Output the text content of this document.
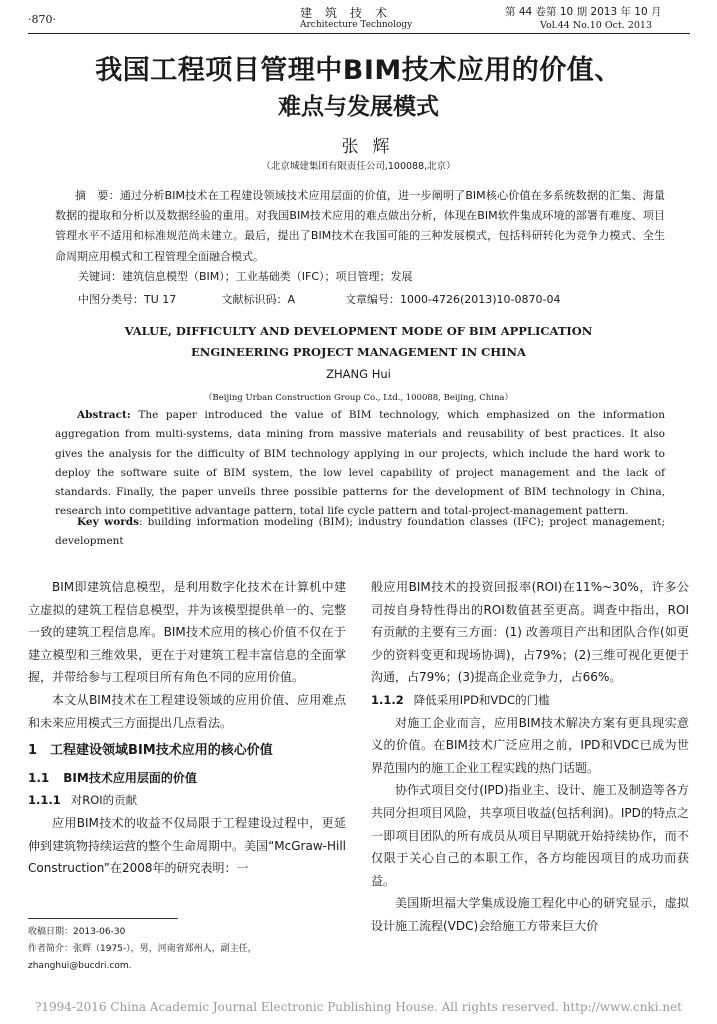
·870·	建筑技术
Architecture Technology
第 44 卷第 10 期 2013 年 10 月
Vol.44 No.10 Oct. 2013
我国工程项目管理中BIM技术应用的价值、
难点与发展模式
张辉
（北京城建集团有限责任公司,100088,北京）
摘　要：通过分析BIM技术在工程建设领域技术应用层面的价值，进一步阐明了BIM核心价值在多系统数据的汇集、海量数据的提取和分析以及数据经验的重用。对我国BIM技术应用的难点做出分析，体现在BIM软件集成环境的部署有难度、项目管理水平不适用和标准规范尚未建立。最后，提出了BIM技术在我国可能的三种发展模式，包括科研转化为竞争力模式、全生命周期应用模式和工程管理全面融合模式。
关键词：建筑信息模型（BIM）；工业基础类（IFC）；项目管理；发展
中图分类号：TU 17	文献标识码：A	文章编号：1000-4726(2013)10-0870-04
VALUE, DIFFICULTY AND DEVELOPMENT MODE OF BIM APPLICATION
ENGINEERING PROJECT MANAGEMENT IN CHINA
ZHANG Hui
（Beijing Urban Construction Group Co., Ltd., 100088, Beijing, China）
Abstract: The paper introduced the value of BIM technology, which emphasized on the information aggregation from multi-systems, data mining from massive materials and reusability of best practices. It also gives the analysis for the difficulty of BIM technology applying in our projects, which include the hard work to deploy the software suite of BIM system, the low level capability of project management and the lack of standards. Finally, the paper unveils three possible patterns for the development of BIM technology in China, research into competitive advantage pattern, total life cycle pattern and total-project-management pattern.
Key words: building information modeling (BIM); industry foundation classes (IFC); project management; development

BIM即建筑信息模型，是利用数字化技术在计算机中建立虚拟的建筑工程信息模型，并为该模型提供单一的、完整一致的建筑工程信息库。BIM技术应用的核心价值不仅在于建立模型和三维效果，更在于对建筑工程丰富信息的全面掌握，并带给参与工程项目所有角色不同的应用价值。

本文从BIM技术在工程建设领域的应用价值、应用难点和未来应用模式三方面提出几点看法。

1　工程建设领域BIM技术应用的核心价值

1.1 BIM技术应用层面的价值

1.1.1 对ROI的贡献

应用BIM技术的收益不仅局限于工程建设过程中，更延伸到建筑物持续运营的整个生命周期中。美国“McGraw-Hill Construction”在2008年的研究表明：一

般应用BIM技术的投资回报率(ROI)在11%~30%，许多公司按自身特性得出的ROI数值甚至更高。调查中指出，ROI有贡献的主要有三方面：(1) 改善项目产出和团队合作(如更少的资料变更和现场协调)，占79%；(2)三维可视化更便于沟通，占79%；(3)提高企业竞争力，占66%。

1.1.2 降低采用IPD和VDC的门槛

对施工企业而言，应用BIM技术解决方案有更具现实意义的价值。在BIM技术广泛应用之前，IPD和VDC已成为世界范围内的施工企业工程实践的热门话题。

协作式项目交付(IPD)指业主、设计、施工及制造等各方共同分担项目风险，共享项目收益(包括利润)。IPD的特点之一即项目团队的所有成员从项目早期就开始持续协作，而不仅限于关心自己的本职工作，各方均能因项目的成功而获益。

美国斯坦福大学集成设施工程化中心的研究显示，虚拟设计施工流程(VDC)会给施工方带来巨大价

收稿日期：2013-06-30
作者简介：张辉（1975-），男，河南省郑州人，副主任，
zhanghui@bucdri.com.
?1994-2016 China Academic Journal Electronic Publishing House. All rights reserved. http://www.cnki.net
